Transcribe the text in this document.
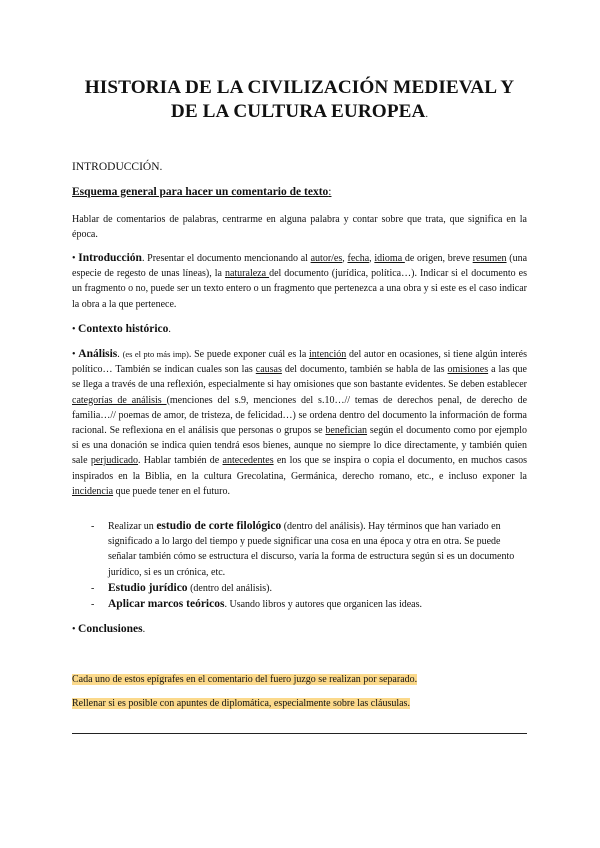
HISTORIA DE LA CIVILIZACIÓN MEDIEVAL Y
DE LA CULTURA EUROPEA.
INTRODUCCIÓN.
Esquema general para hacer un comentario de texto:
Hablar de comentarios de palabras, centrarme en alguna palabra y contar sobre que trata, que significa en la época.
• Introducción. Presentar el documento mencionando al autor/es, fecha, idioma de origen, breve resumen (una especie de regesto de unas líneas), la naturaleza del documento (jurídica, política…). Indicar si el documento es un fragmento o no, puede ser un texto entero o un fragmento que pertenezca a una obra y si este es el caso indicar la obra a la que pertenece.
• Contexto histórico.
• Análisis. (es el pto más imp). Se puede exponer cuál es la intención del autor en ocasiones, si tiene algún interés político… También se indican cuales son las causas del documento, también se habla de las omisiones a las que se llega a través de una reflexión, especialmente si hay omisiones que son bastante evidentes. Se deben establecer categorías de análisis (menciones del s.9, menciones del s.10…// temas de derechos penal, de derecho de familia…// poemas de amor, de tristeza, de felicidad…) se ordena dentro del documento la información de forma racional. Se reflexiona en el análisis que personas o grupos se benefician según el documento como por ejemplo si es una donación se indica quien tendrá esos bienes, aunque no siempre lo dice directamente, y también quien sale perjudicado. Hablar también de antecedentes en los que se inspira o copia el documento, en muchos casos inspirados en la Biblia, en la cultura Grecolatina, Germánica, derecho romano, etc., e incluso exponer la incidencia que puede tener en el futuro.
- Realizar un estudio de corte filológico (dentro del análisis). Hay términos que han variado en significado a lo largo del tiempo y puede significar una cosa en una época y otra en otra. Se puede señalar también cómo se estructura el discurso, varía la forma de estructura según si es un documento jurídico, si es un crónica, etc.
- Estudio jurídico (dentro del análisis).
- Aplicar marcos teóricos. Usando libros y autores que organicen las ideas.
• Conclusiones.
Cada uno de estos epígrafes en el comentario del fuero juzgo se realizan por separado.
Rellenar si es posible con apuntes de diplomática, especialmente sobre las cláusulas.
